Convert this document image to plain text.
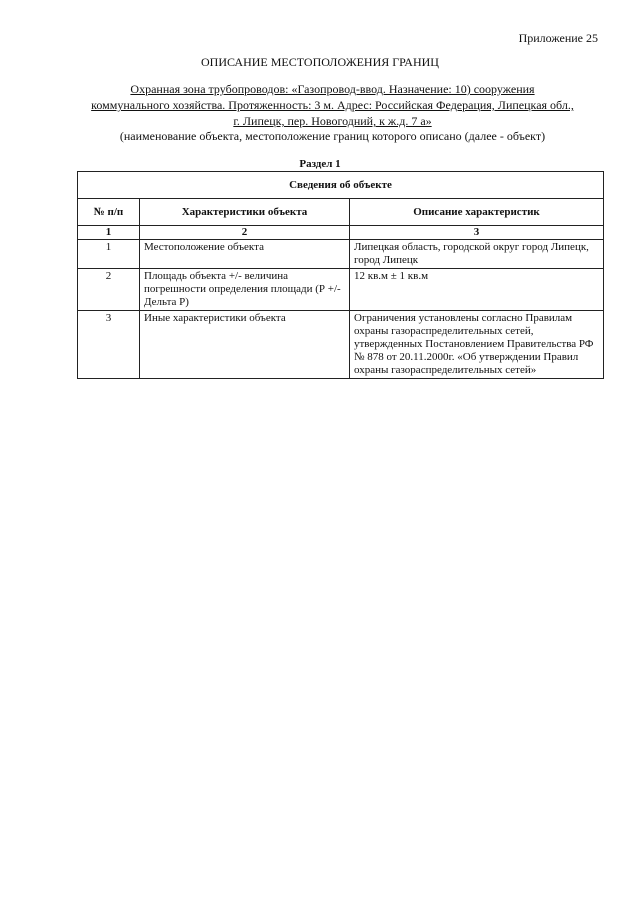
Приложение 25
ОПИСАНИЕ МЕСТОПОЛОЖЕНИЯ ГРАНИЦ
Охранная зона трубопроводов: «Газопровод-ввод. Назначение: 10) сооружения
коммунального хозяйства. Протяженность: 3 м. Адрес: Российская Федерация, Липецкая обл.,
г. Липецк, пер. Новогодний, к ж.д. 7 а»
(наименование объекта, местоположение границ которого описано (далее - объект)
Раздел 1
Сведения об объекте		
№ п/п	Характеристики объекта	Описание характеристик
1	2	3
1	Местоположение объекта	Липецкая область, городской округ город Липецк, город Липецк
2	Площадь объекта +/- величина погрешности определения площади (Р +/- Дельта Р)	12 кв.м ± 1 кв.м
3	Иные характеристики объекта	Ограничения установлены согласно Правилам охраны газораспределительных сетей, утвержденных Постановлением Правительства РФ № 878 от 20.11.2000г. «Об утверждении Правил охраны газораспределительных сетей»
